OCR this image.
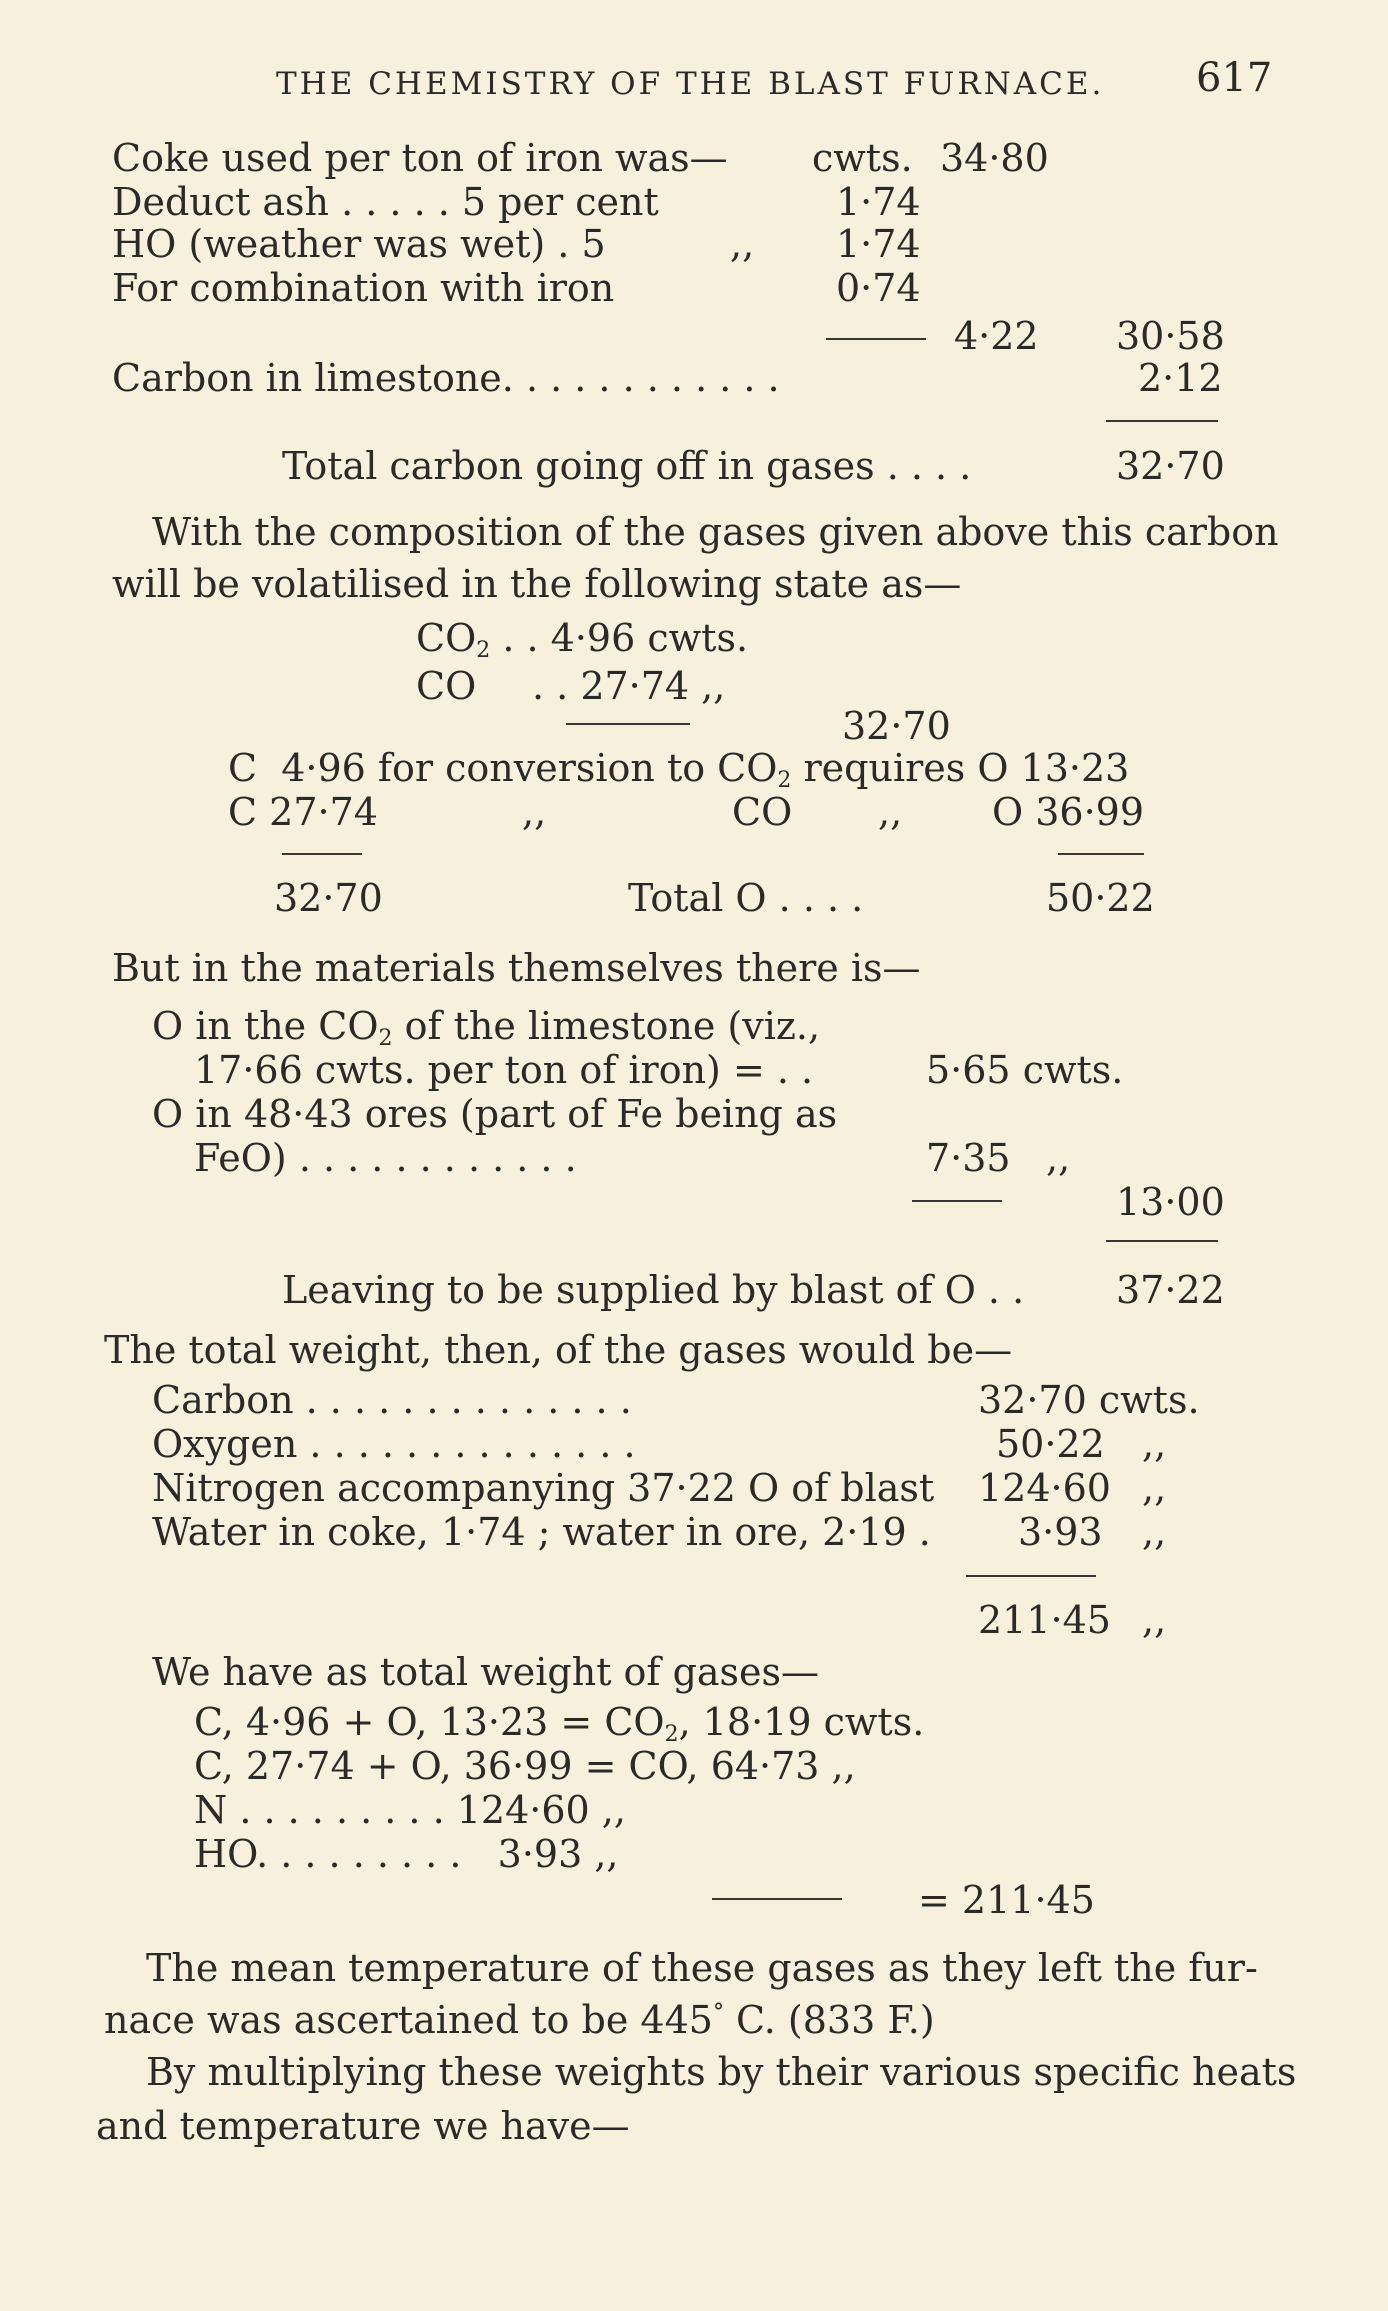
THE CHEMISTRY OF THE BLAST FURNACE. 617
Coke used per ton of iron was— cwts. 34·80
Deduct ash . . . . . 5 per cent	1·74
HO (weather was wet) . 5	,, 1·74
For combination with iron	0·74
4·22 30·58
Carbon in limestone. . . . . . . . . . . .	2·12
Total carbon going off in gases . . . .	32·70
With the composition of the gases given above this carbon
will be volatilised in the following state as—
$CO_2$ . . 4·96 cwts.
CO . . 27·74 ,,
32·70
C  4·96 for conversion to $CO_2$ requires O 13·23
C 27·74	,,	CO ,, O 36·99
32·70	Total O . . . .	50·22
But in the materials themselves there is—
O in the $CO_2$ of the limestone (viz.,
17·66 cwts. per ton of iron) = . .	5·65 cwts.
O in 48·43 ores (part of Fe being as
FeO) . . . . . . . . . . . .	7·35 ,,
13·00
Leaving to be supplied by blast of O . . 37·22
The total weight, then, of the gases would be—
Carbon . . . . . . . . . . . . . .	32·70 cwts.
Oxygen . . . . . . . . . . . . . .	50·22 ,,
Nitrogen accompanying 37·22 O of blast 124·60 ,,
Water in coke, 1·74 ; water in ore, 2·19 . 3·93 ,,
211·45 ,,
We have as total weight of gases—
C, 4·96 + O, $13\cdot 23 = CO_2$, 18·19 cwts.
C, 27·74 + O, 36·99 = CO, 64·73 ,,
N . . . . . . . . . 124·60 ,,
HO. . . . . . . . .   3·93 ,,
= 211·45
The mean temperature of these gases as they left the fur-
nace was ascertained to be 445° C. (833 F.)
By multiplying these weights by their various specific heats
and temperature we have—
